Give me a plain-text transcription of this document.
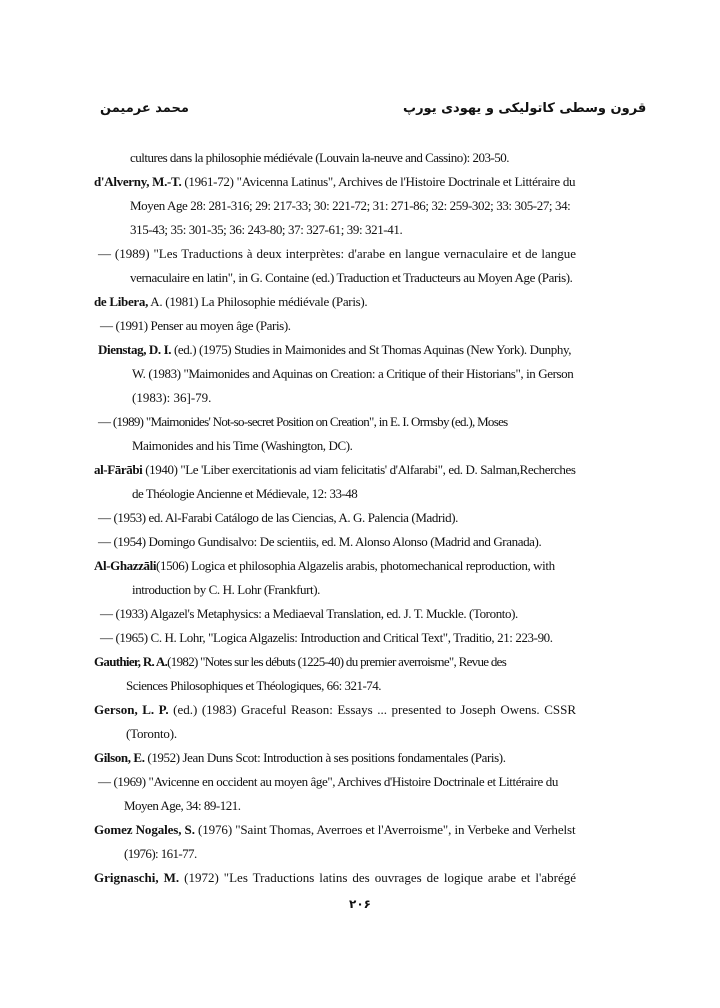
محمد عرمیمن	قرون وسطی کاتولیکی و یهودی یورپ
cultures dans la philosophie médiévale (Louvain la-neuve and Cassino): 203-50.
d'Alverny, M.-T. (1961-72) "Avicenna Latinus", Archives de l'Histoire Doctrinale et Littéraire du
Moyen Age 28: 281-316; 29: 217-33; 30: 221-72; 31: 271-86; 32: 259-302; 33: 305-27; 34:
315-43; 35: 301-35; 36: 243-80; 37: 327-61; 39: 321-41.
— (1989) "Les Traductions à deux interprètes: d'arabe en langue vernaculaire et de langue
vernaculaire en latin", in G. Containe (ed.) Traduction et Traducteurs au Moyen Age (Paris).
de Libera, A. (1981) La Philosophie médiévale (Paris).
— (1991) Penser au moyen âge (Paris).
Dienstag, D. I. (ed.) (1975) Studies in Maimonides and St Thomas Aquinas (New York). Dunphy,
W. (1983) "Maimonides and Aquinas on Creation: a Critique of their Historians", in Gerson
(1983): 36]-79.
— (1989) "Maimonides' Not-so-secret Position on Creation", in E. I. Ormsby (ed.), Moses
Maimonides and his Time (Washington, DC).
al-Fārābi (1940) "Le 'Liber exercitationis ad viam felicitatis' d'Alfarabi", ed. D. Salman,Recherches
de Théologie Ancienne et Médievale, 12: 33-48
— (1953) ed. Al-Farabi Catálogo de las Ciencias, A. G. Palencia (Madrid).
— (1954) Domingo Gundisalvo: De scientiis, ed. M. Alonso Alonso (Madrid and Granada).
Al-Ghazzāli(1506) Logica et philosophia Algazelis arabis, photomechanical reproduction, with
introduction by C. H. Lohr (Frankfurt).
— (1933) Algazel's Metaphysics: a Mediaeval Translation, ed. J. T. Muckle. (Toronto).
— (1965) C. H. Lohr, "Logica Algazelis: Introduction and Critical Text", Traditio, 21: 223-90.
Gauthier, R. A.(1982) "Notes sur les débuts (1225-40) du premier averroisme", Revue des
Sciences Philosophiques et Théologiques, 66: 321-74.
Gerson, L. P. (ed.) (1983) Graceful Reason: Essays ... presented to Joseph Owens. CSSR
(Toronto).
Gilson, E. (1952) Jean Duns Scot: Introduction à ses positions fondamentales (Paris).
— (1969) "Avicenne en occident au moyen âge", Archives d'Histoire Doctrinale et Littéraire du
Moyen Age, 34: 89-121.
Gomez Nogales, S. (1976) "Saint Thomas, Averroes et l'Averroisme", in Verbeke and Verhelst
(1976): 161-77.
Grignaschi, M. (1972) "Les Traductions latins des ouvrages de logique arabe et l'abrégé
۲۰۶
